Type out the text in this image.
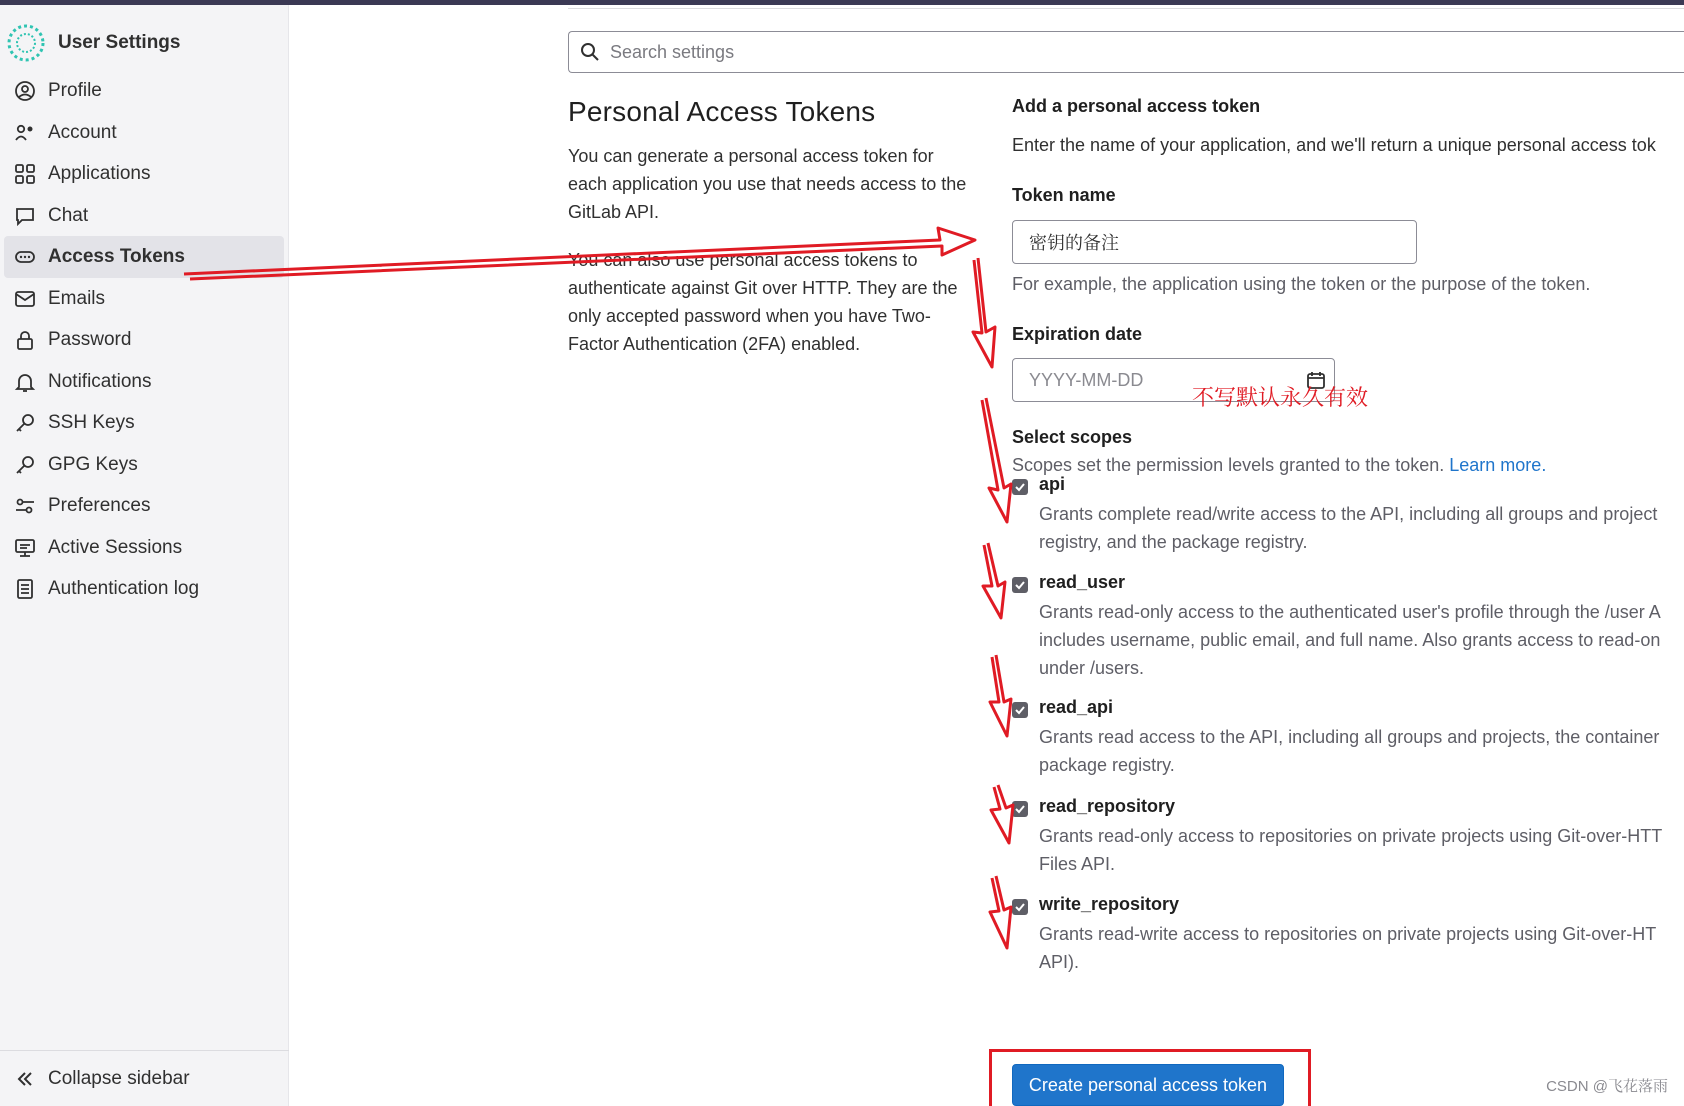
User Settings
Profile
Account
Applications
Chat
Access Tokens
Emails
Password
Notifications
SSH Keys
GPG Keys
Preferences
Active Sessions
Authentication log
Collapse sidebar
Search settings
Personal Access Tokens

You can generate a personal access token for each application you use that needs access to the GitLab API.

You can also use personal access tokens to authenticate against Git over HTTP. They are the only accepted password when you have Two-Factor Authentication (2FA) enabled.

Add a personal access token
Enter the name of your application, and we'll return a unique personal access tok
Token name
密钥的备注
For example, the application using the token or the purpose of the token.
Expiration date
YYYY-MM-DD
Select scopes
Scopes set the permission levels granted to the token. Learn more.
api
Grants complete read/write access to the API, including all groups and project
registry, and the package registry.
read_user
Grants read-only access to the authenticated user's profile through the /user A
includes username, public email, and full name. Also grants access to read-on
under /users.
read_api
Grants read access to the API, including all groups and projects, the container
package registry.
read_repository
Grants read-only access to repositories on private projects using Git-over-HTT
Files API.
write_repository
Grants read-write access to repositories on private projects using Git-over-HT
API).
Create personal access token
不写默认永久有效
CSDN @飞花落雨
